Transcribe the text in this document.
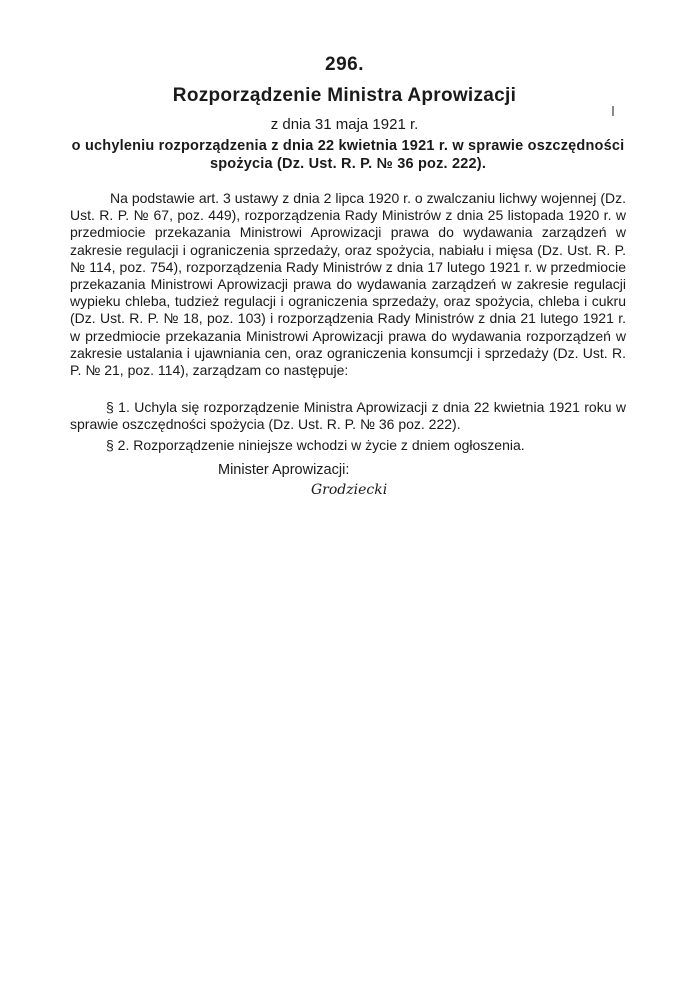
296.
Rozporządzenie Ministra Aprowizacji
z dnia 31 maja 1921 r.
o uchyleniu rozporządzenia z dnia 22 kwietnia 1921 r. w sprawie oszczędności spożycia (Dz. Ust. R. P. № 36 poz. 222).
Na podstawie art. 3 ustawy z dnia 2 lipca 1920 r. o zwalczaniu lichwy wojennej (Dz. Ust. R. P. № 67, poz. 449), rozporządzenia Rady Ministrów z dnia 25 listopada 1920 r. w przedmiocie przekazania Ministrowi Aprowizacji prawa do wydawania zarządzeń w zakresie regulacji i ograniczenia sprzedaży, oraz spożycia, nabiału i mięsa (Dz. Ust. R. P. № 114, poz. 754), rozporządzenia Rady Ministrów z dnia 17 lutego 1921 r. w przedmiocie przekazania Ministrowi Aprowizacji prawa do wydawania zarządzeń w zakresie regulacji wypieku chleba, tudzież regulacji i ograniczenia sprzedaży, oraz spożycia, chleba i cukru (Dz. Ust. R. P. № 18, poz. 103) i rozporządzenia Rady Ministrów z dnia 21 lutego 1921 r. w przedmiocie przekazania Ministrowi Aprowizacji prawa do wydawania rozporządzeń w zakresie ustalania i ujawniania cen, oraz ograniczenia konsumcji i sprzedaży (Dz. Ust. R. P. № 21, poz. 114), zarządzam co następuje:
§ 1. Uchyla się rozporządzenie Ministra Aprowizacji z dnia 22 kwietnia 1921 roku w sprawie oszczędności spożycia (Dz. Ust. R. P. № 36 poz. 222).
§ 2. Rozporządzenie niniejsze wchodzi w życie z dniem ogłoszenia.
Minister Aprowizacji:
Grodziecki
